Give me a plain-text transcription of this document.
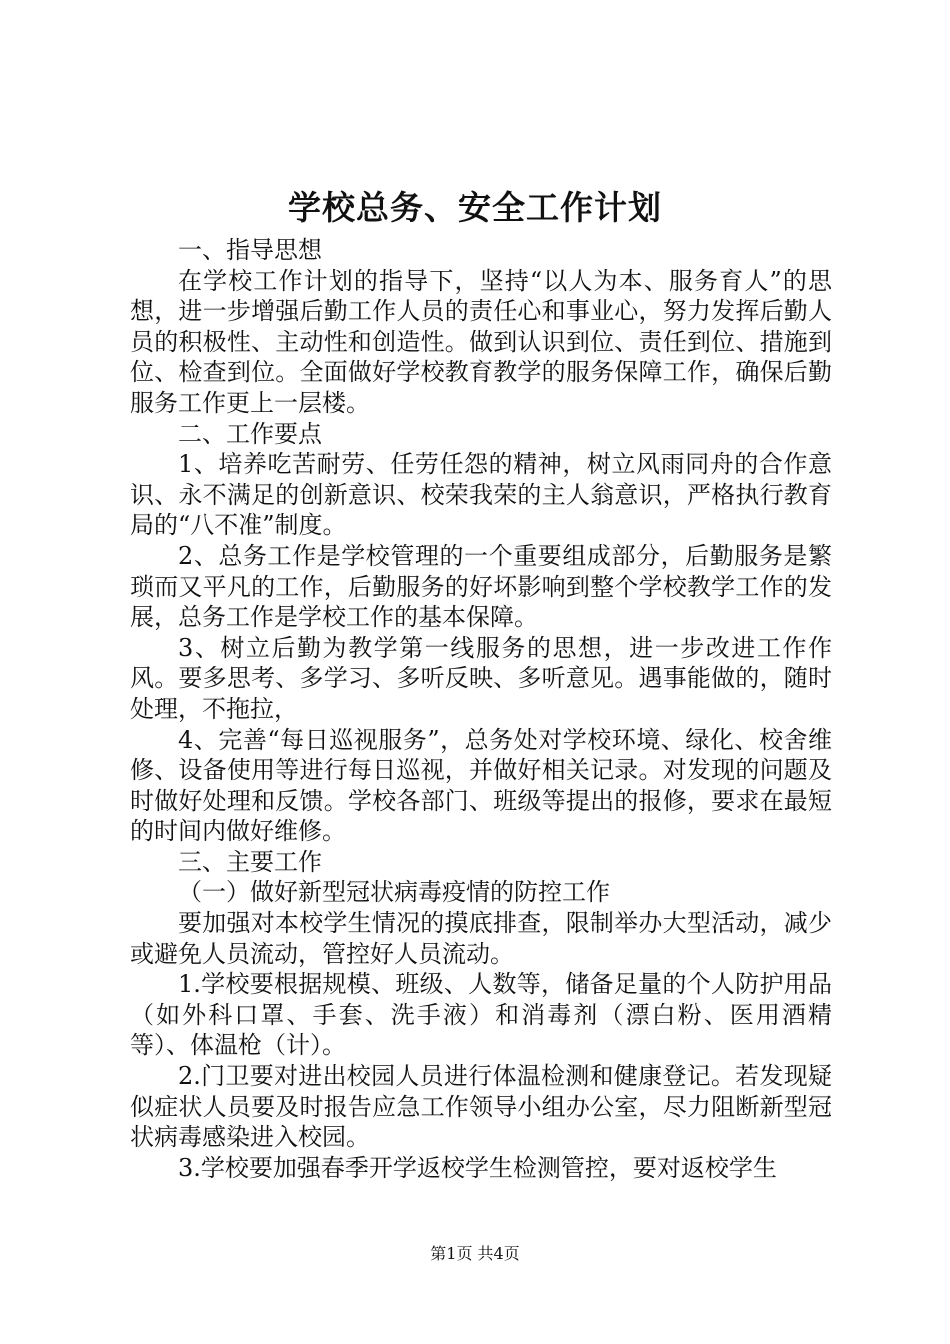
学校总务、安全工作计划

一、指导思想

在学校工作计划的指导下，坚持“以人为本、服务育人”的思想，进一步增强后勤工作人员的责任心和事业心，努力发挥后勤人员的积极性、主动性和创造性。做到认识到位、责任到位、措施到位、检查到位。全面做好学校教育教学的服务保障工作，确保后勤服务工作更上一层楼。

二、工作要点

1、培养吃苦耐劳、任劳任怨的精神，树立风雨同舟的合作意识、永不满足的创新意识、校荣我荣的主人翁意识，严格执行教育局的“八不准”制度。

2、总务工作是学校管理的一个重要组成部分，后勤服务是繁琐而又平凡的工作，后勤服务的好坏影响到整个学校教学工作的发展，总务工作是学校工作的基本保障。

3、树立后勤为教学第一线服务的思想，进一步改进工作作风。要多思考、多学习、多听反映、多听意见。遇事能做的，随时处理，不拖拉，

4、完善“每日巡视服务”，总务处对学校环境、绿化、校舍维修、设备使用等进行每日巡视，并做好相关记录。对发现的问题及时做好处理和反馈。学校各部门、班级等提出的报修，要求在最短的时间内做好维修。

三、主要工作

（一）做好新型冠状病毒疫情的防控工作

要加强对本校学生情况的摸底排查，限制举办大型活动，减少或避免人员流动，管控好人员流动。

1.学校要根据规模、班级、人数等，储备足量的个人防护用品（如外科口罩、手套、洗手液）和消毒剂（漂白粉、医用酒精等）、体温枪（计）。

2.门卫要对进出校园人员进行体温检测和健康登记。若发现疑似症状人员要及时报告应急工作领导小组办公室，尽力阻断新型冠状病毒感染进入校园。

3.学校要加强春季开学返校学生检测管控，要对返校学生

第1页 共4页
